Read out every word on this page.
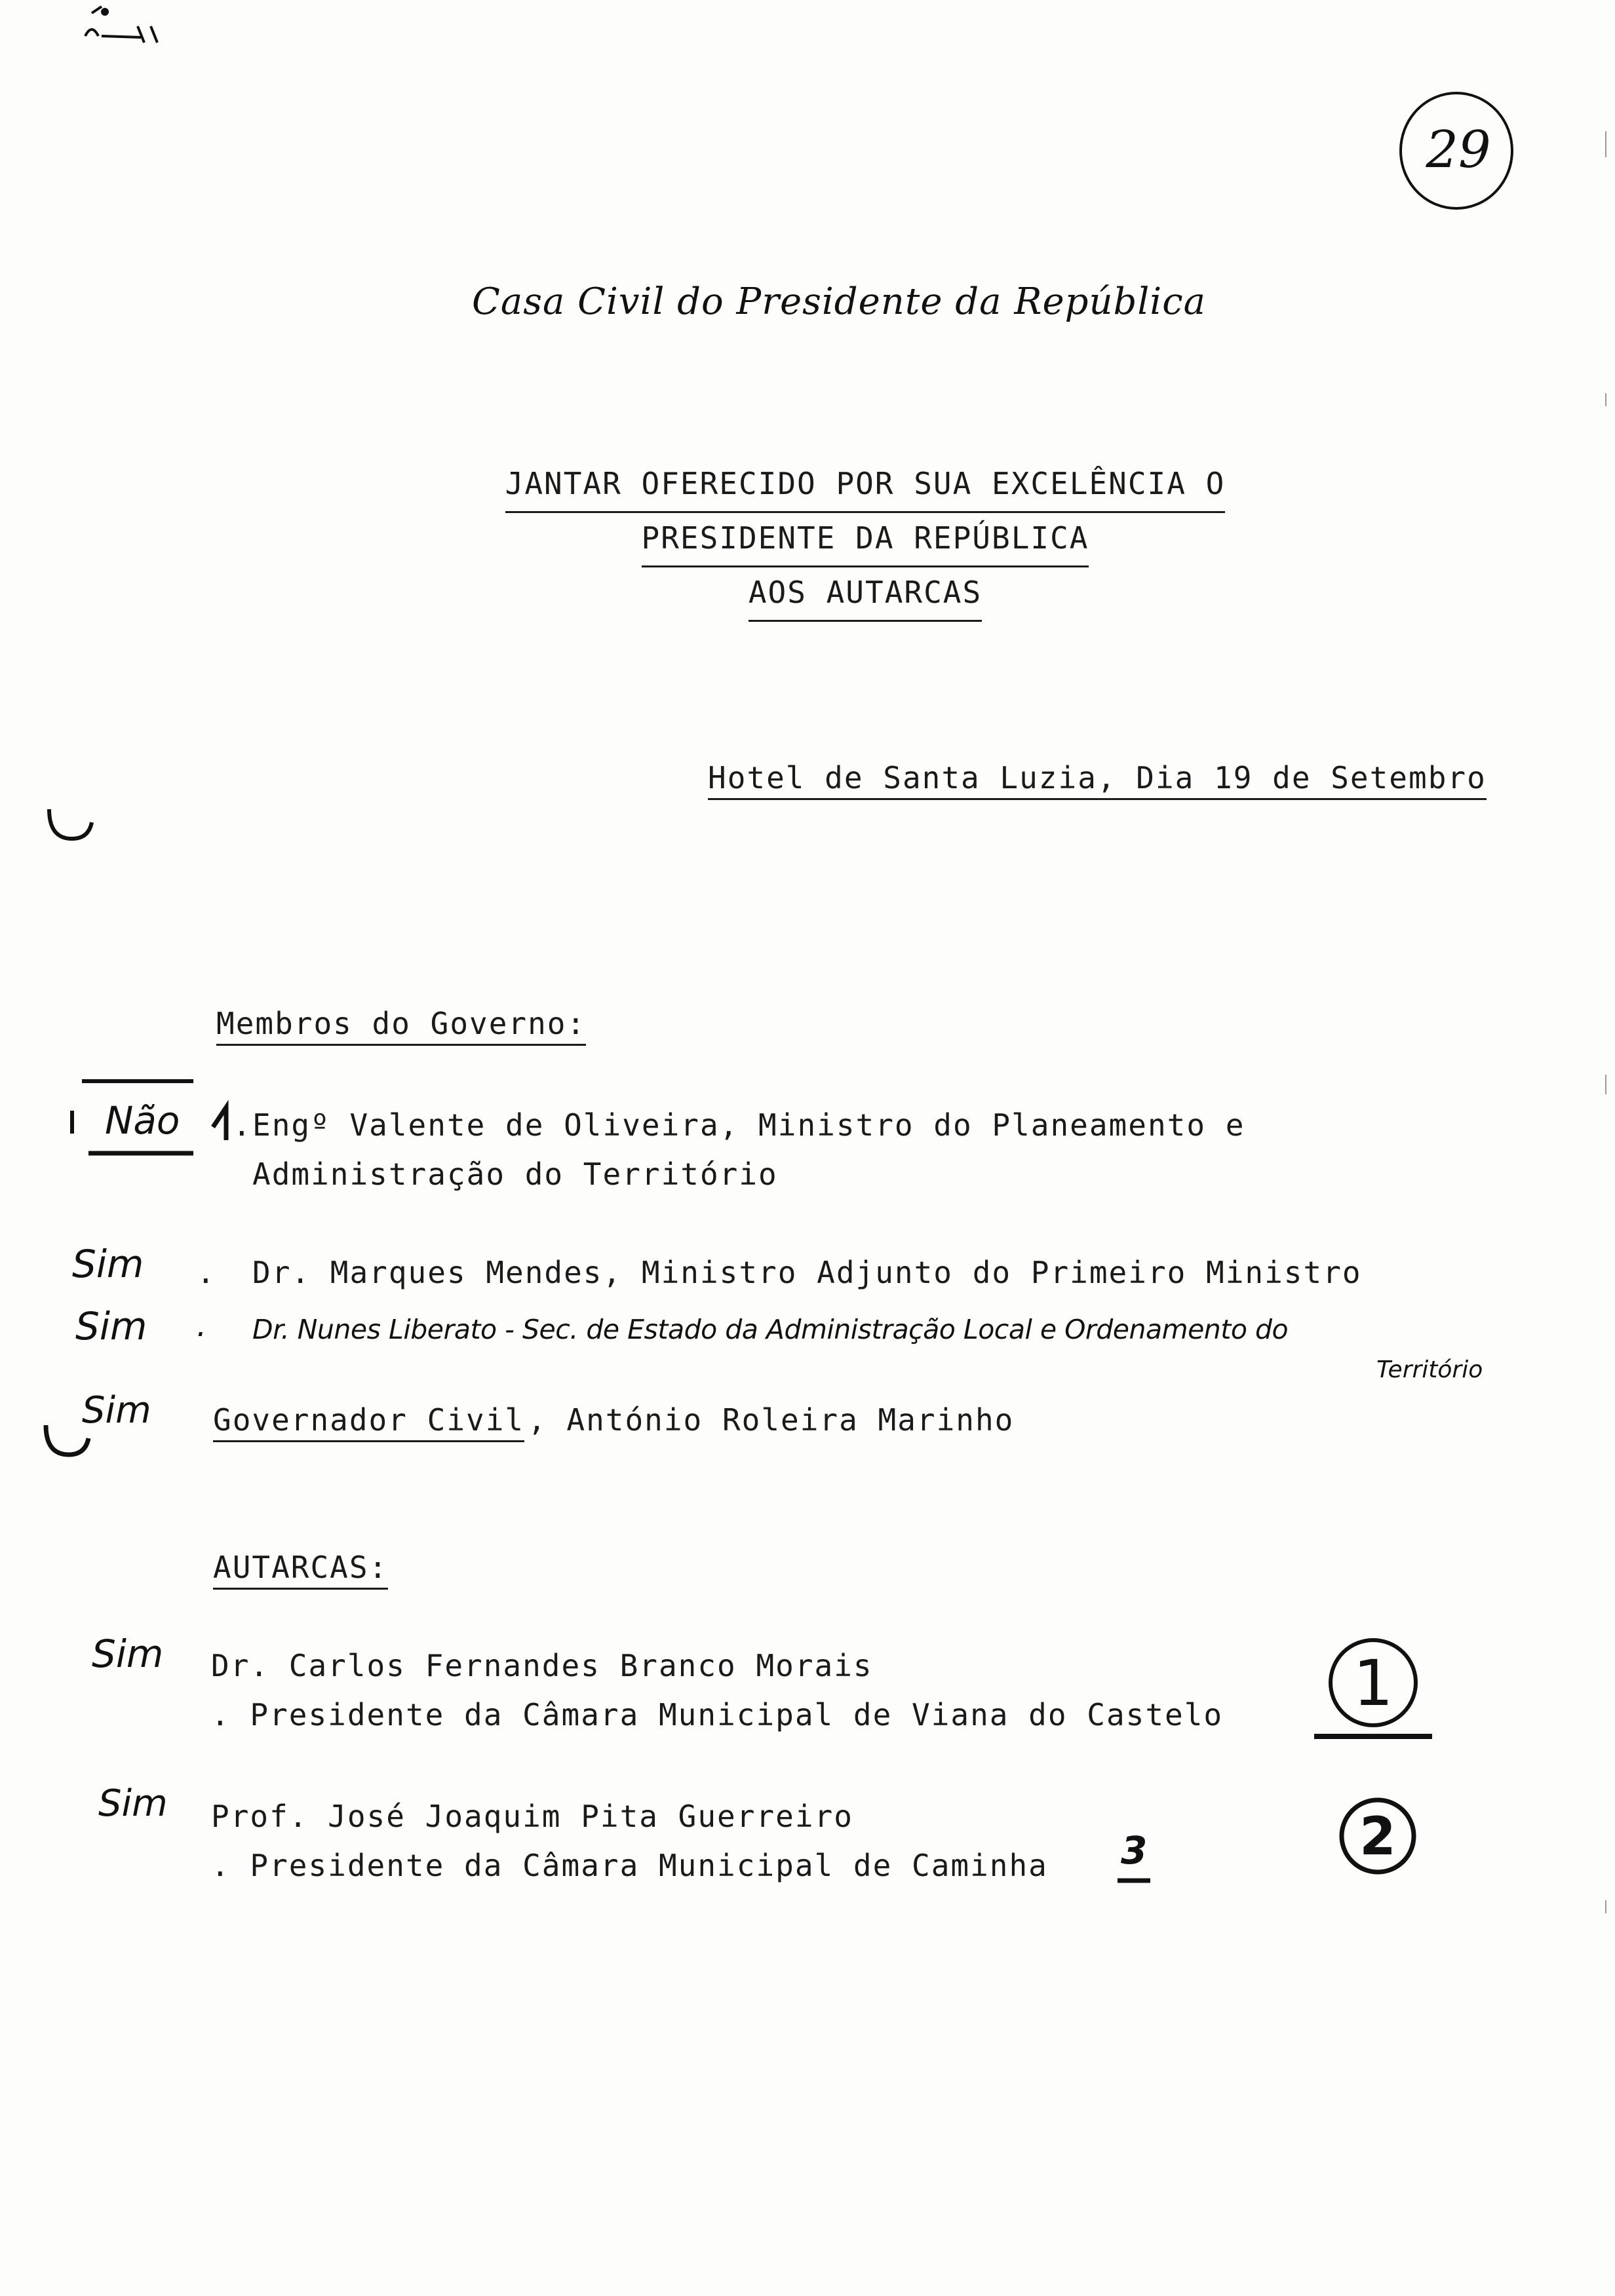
29
Casa Civil do Presidente da República
JANTAR OFERECIDO POR SUA EXCELÊNCIA O
PRESIDENTE DA REPÚBLICA
AOS AUTARCAS
Hotel de Santa Luzia, Dia 19 de Setembro
Membros do Governo:
Não . Engº Valente de Oliveira, Ministro do Planeamento e
Administração do Território
Sim . Dr. Marques Mendes, Ministro Adjunto do Primeiro Ministro
Sim . Dr. Nunes Liberato - Sec. de Estado da Administração Local e Ordenamento do
Território
Sim Governador Civil , António Roleira Marinho
AUTARCAS:
Sim Dr. Carlos Fernandes Branco Morais
. Presidente da Câmara Municipal de Viana do Castelo 1
Sim Prof. José Joaquim Pita Guerreiro
. Presidente da Câmara Municipal de Caminha 3	2
